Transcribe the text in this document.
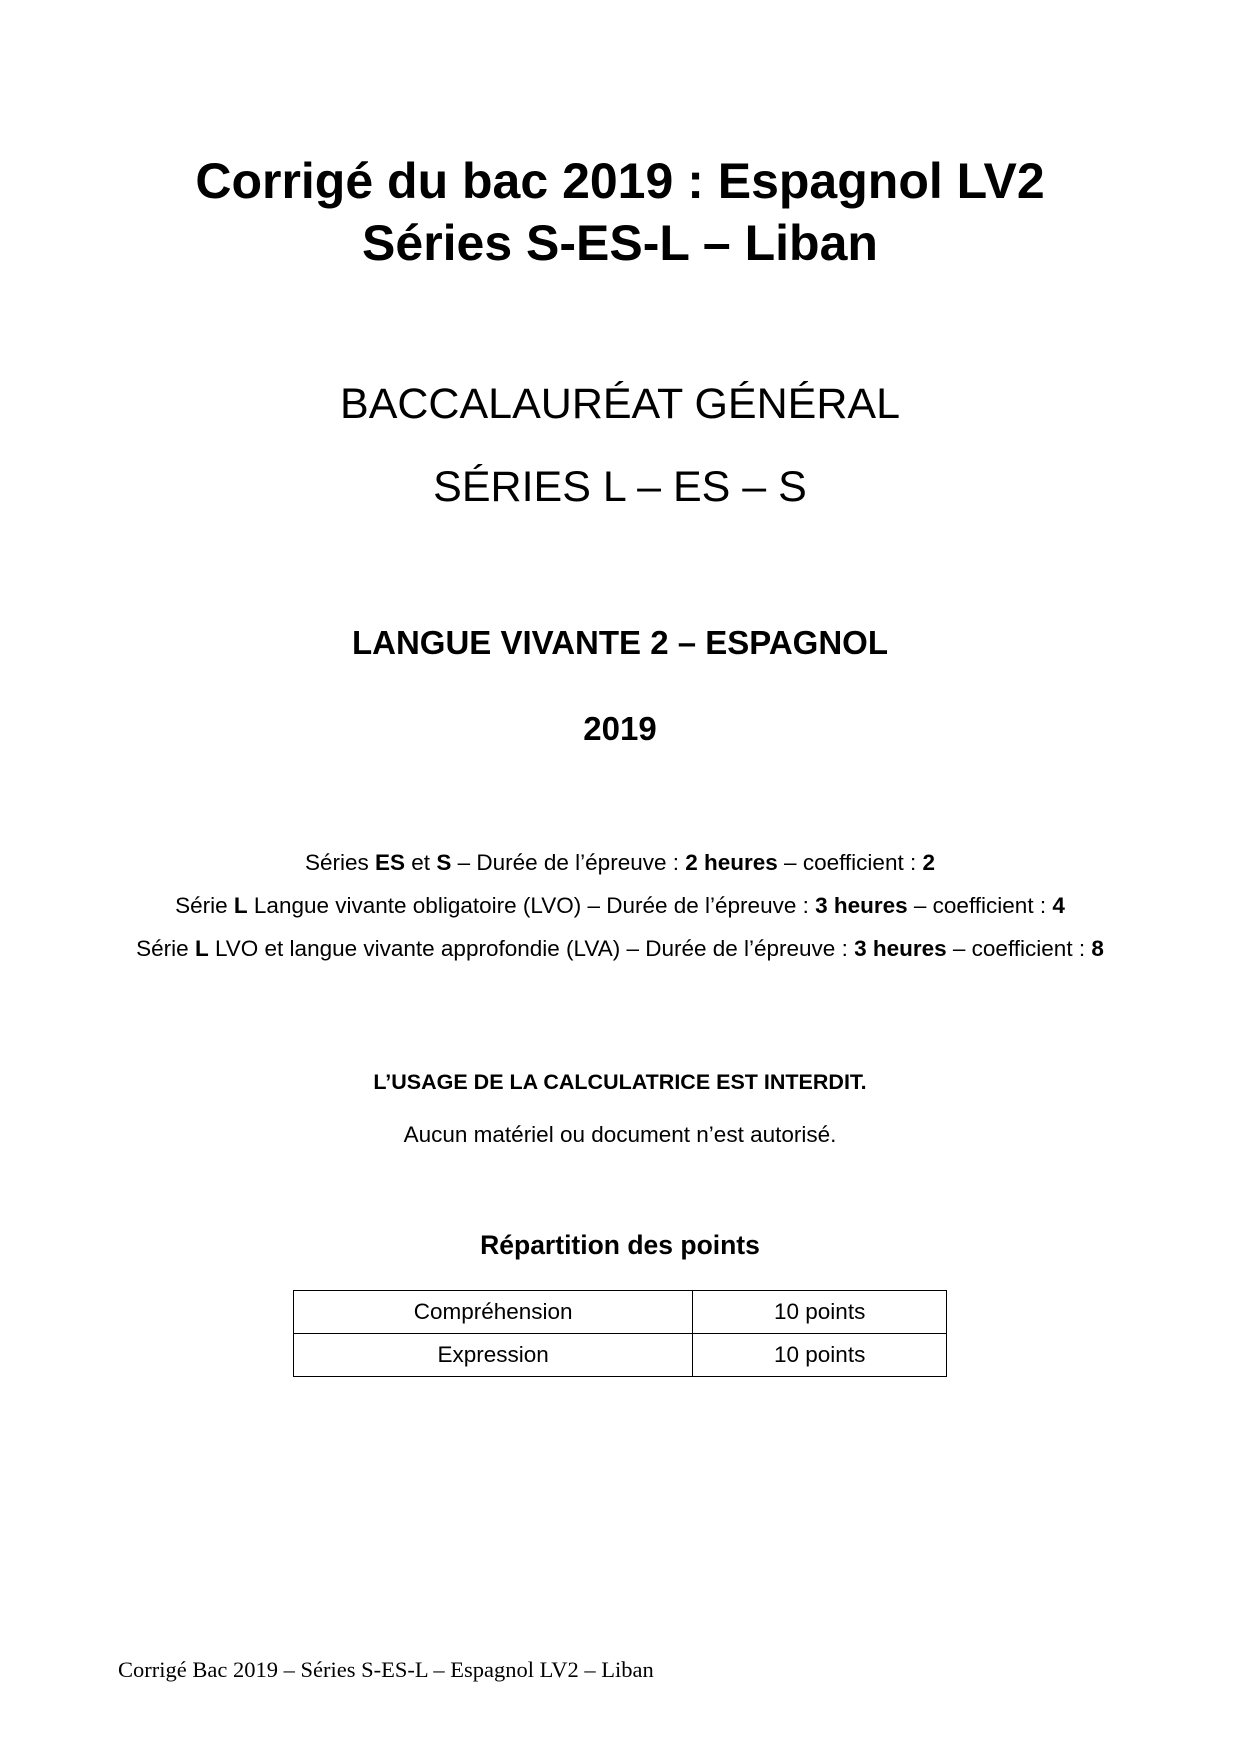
Corrigé du bac 2019 : Espagnol LV2
Séries S-ES-L – Liban
BACCALAURÉAT GÉNÉRAL
SÉRIES L – ES – S
LANGUE VIVANTE 2 – ESPAGNOL
2019
Séries ES et S – Durée de l’épreuve : 2 heures – coefficient : 2
Série L Langue vivante obligatoire (LVO) – Durée de l’épreuve : 3 heures – coefficient : 4
Série L LVO et langue vivante approfondie (LVA) – Durée de l’épreuve : 3 heures – coefficient : 8
L’USAGE DE LA CALCULATRICE EST INTERDIT.
Aucun matériel ou document n’est autorisé.
Répartition des points
Compréhension	10 points
Expression	10 points
Corrigé Bac 2019 – Séries S-ES-L – Espagnol LV2 – Liban
